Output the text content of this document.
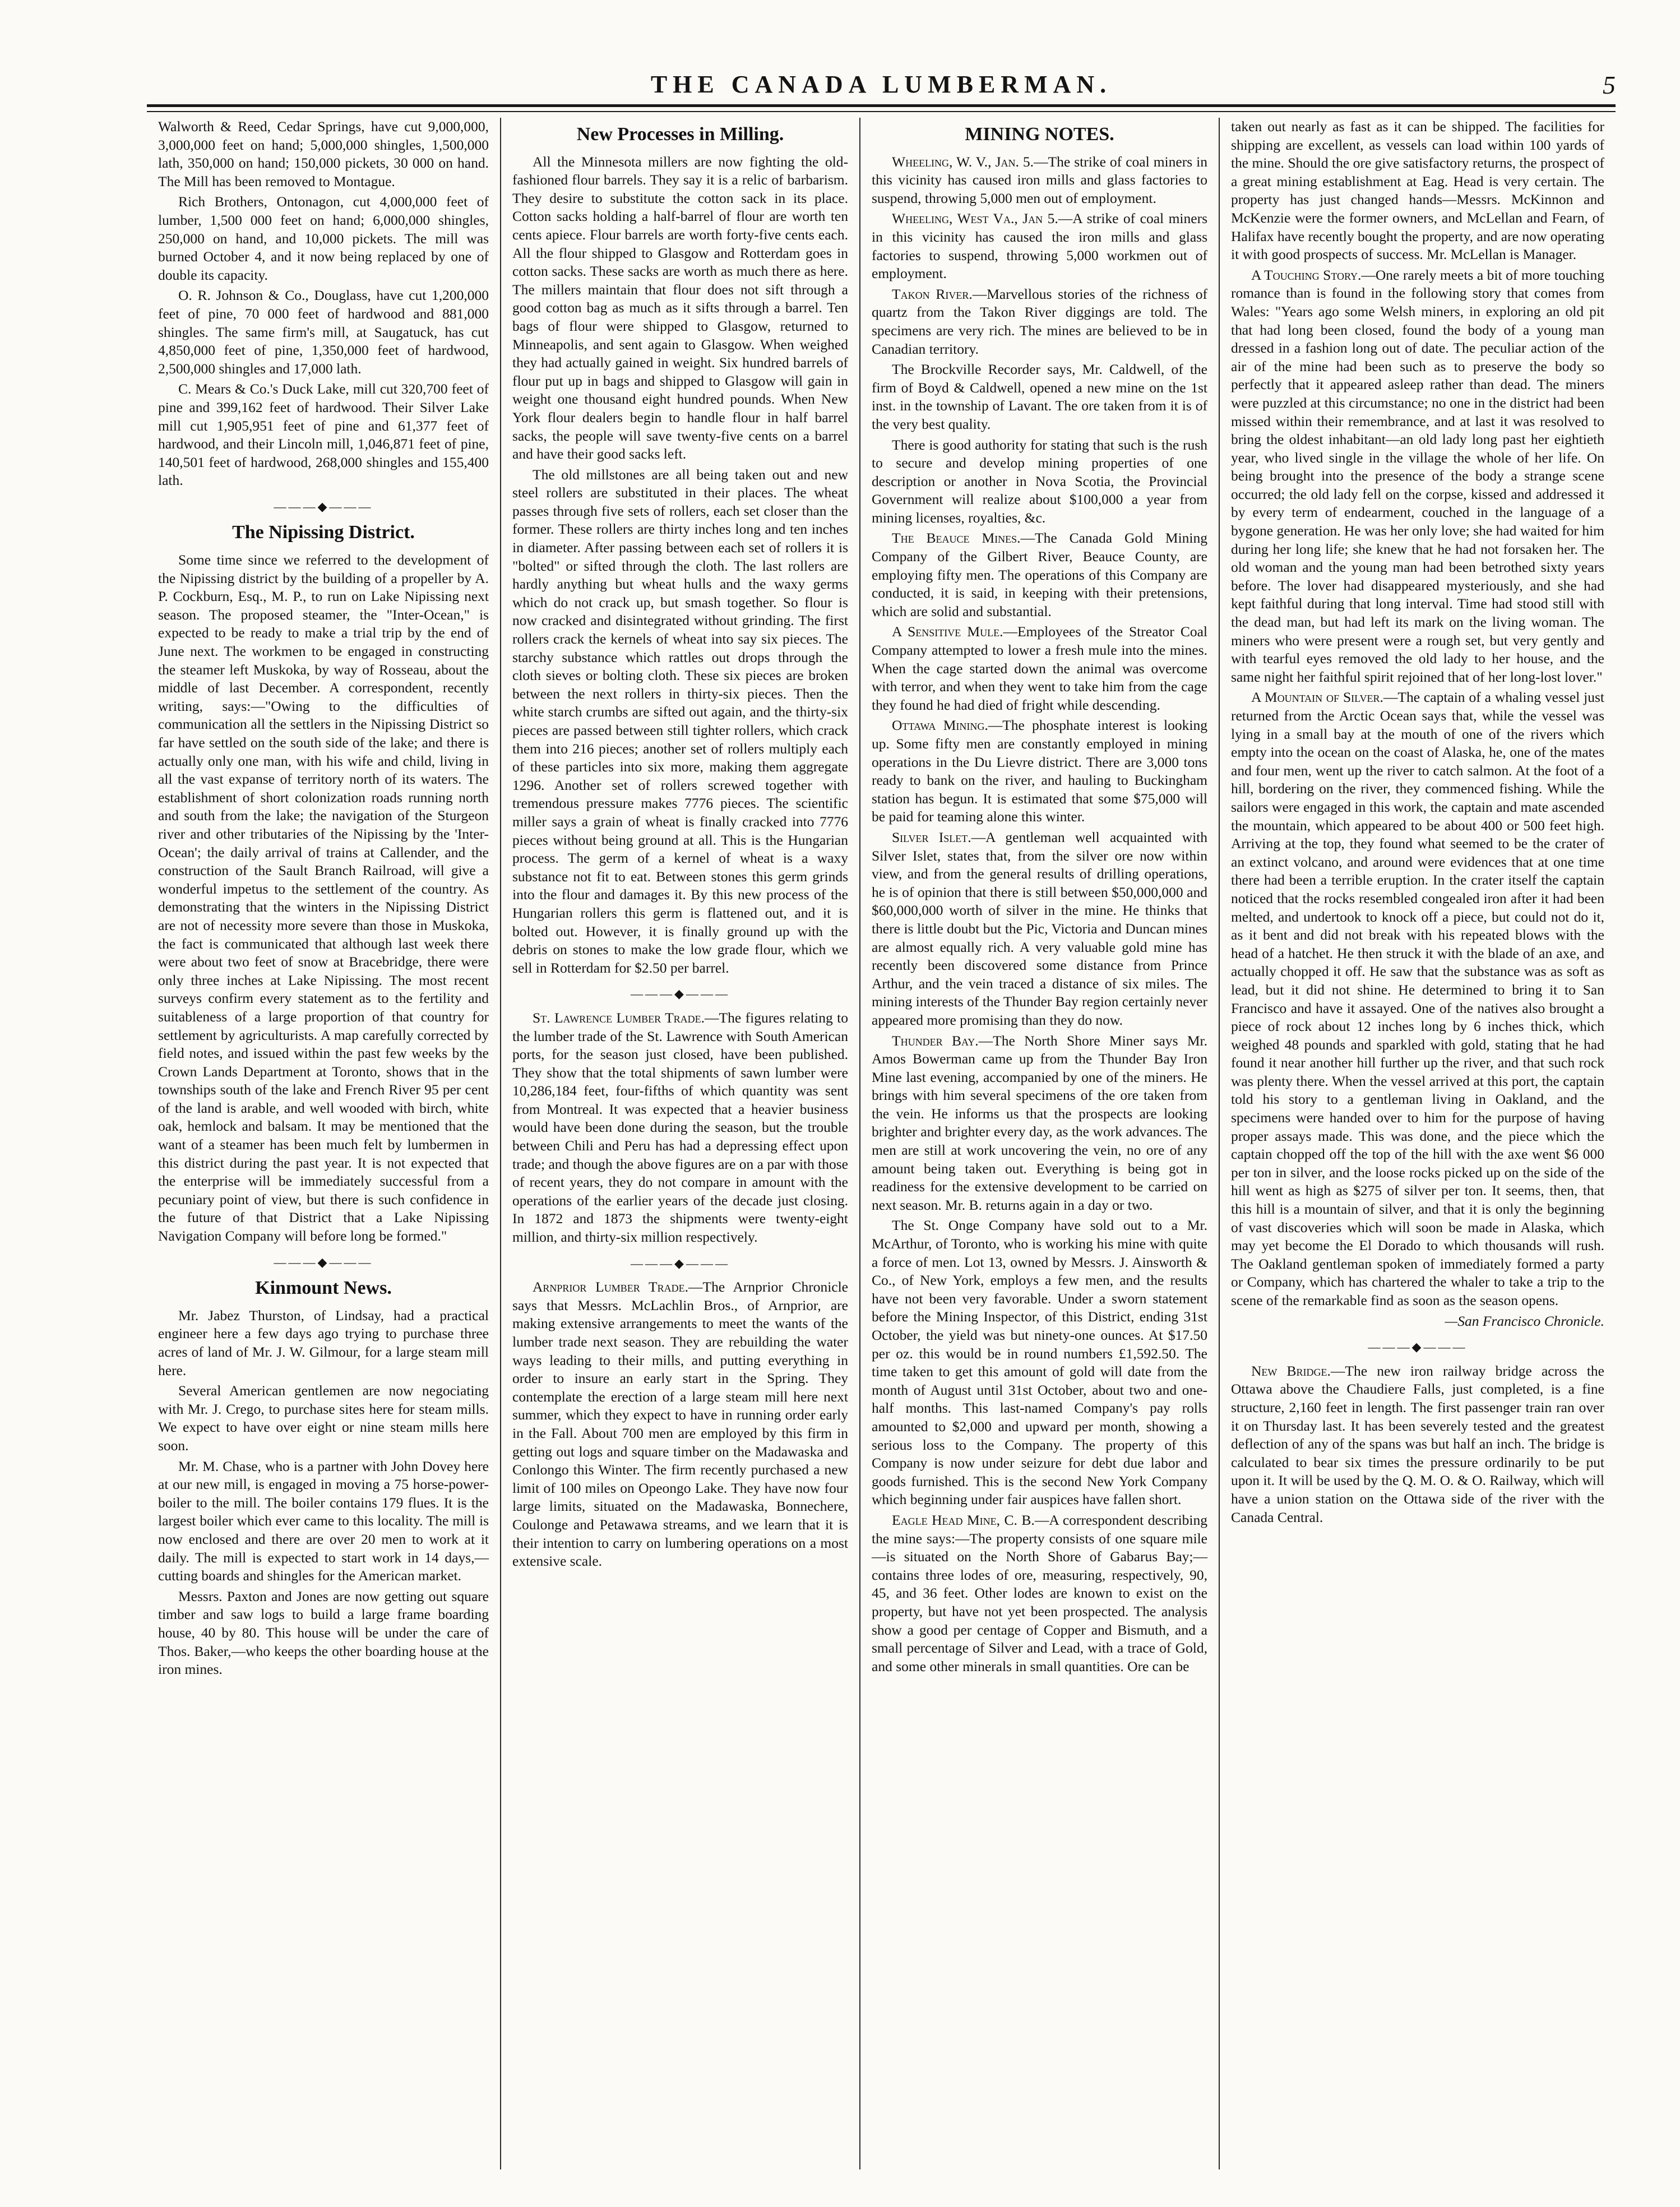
THE CANADA LUMBERMAN.	5

Walworth & Reed, Cedar Springs, have cut 9,000,000, 3,000,000 feet on hand; 5,000,000 shingles, 1,500,000 lath, 350,000 on hand; 150,000 pickets, 30 000 on hand. The Mill has been removed to Montague.

Rich Brothers, Ontonagon, cut 4,000,000 feet of lumber, 1,500 000 feet on hand; 6,000,000 shingles, 250,000 on hand, and 10,000 pickets. The mill was burned October 4, and it now being replaced by one of double its capacity.

O. R. Johnson & Co., Douglass, have cut 1,200,000 feet of pine, 70 000 feet of hardwood and 881,000 shingles. The same firm's mill, at Saugatuck, has cut 4,850,000 feet of pine, 1,350,000 feet of hardwood, 2,500,000 shingles and 17,000 lath.

C. Mears & Co.'s Duck Lake, mill cut 320,700 feet of pine and 399,162 feet of hardwood. Their Silver Lake mill cut 1,905,951 feet of pine and 61,377 feet of hardwood, and their Lincoln mill, 1,046,871 feet of pine, 140,501 feet of hardwood, 268,000 shingles and 155,400 lath.

———◆———
The Nipissing District.

Some time since we referred to the development of the Nipissing district by the building of a propeller by A. P. Cockburn, Esq., M. P., to run on Lake Nipissing next season. The proposed steamer, the "Inter-Ocean," is expected to be ready to make a trial trip by the end of June next. The workmen to be engaged in constructing the steamer left Muskoka, by way of Rosseau, about the middle of last December. A correspondent, recently writing, says:—"Owing to the difficulties of communication all the settlers in the Nipissing District so far have settled on the south side of the lake; and there is actually only one man, with his wife and child, living in all the vast expanse of territory north of its waters. The establishment of short colonization roads running north and south from the lake; the navigation of the Sturgeon river and other tributaries of the Nipissing by the 'Inter-Ocean'; the daily arrival of trains at Callender, and the construction of the Sault Branch Railroad, will give a wonderful impetus to the settlement of the country. As demonstrating that the winters in the Nipissing District are not of necessity more severe than those in Muskoka, the fact is communicated that although last week there were about two feet of snow at Bracebridge, there were only three inches at Lake Nipissing. The most recent surveys confirm every statement as to the fertility and suitableness of a large proportion of that country for settlement by agriculturists. A map carefully corrected by field notes, and issued within the past few weeks by the Crown Lands Department at Toronto, shows that in the townships south of the lake and French River 95 per cent of the land is arable, and well wooded with birch, white oak, hemlock and balsam. It may be mentioned that the want of a steamer has been much felt by lumbermen in this district during the past year. It is not expected that the enterprise will be immediately successful from a pecuniary point of view, but there is such confidence in the future of that District that a Lake Nipissing Navigation Company will before long be formed."

———◆———
Kinmount News.

Mr. Jabez Thurston, of Lindsay, had a practical engineer here a few days ago trying to purchase three acres of land of Mr. J. W. Gilmour, for a large steam mill here.

Several American gentlemen are now negociating with Mr. J. Crego, to purchase sites here for steam mills. We expect to have over eight or nine steam mills here soon.

Mr. M. Chase, who is a partner with John Dovey here at our new mill, is engaged in moving a 75 horse-power-boiler to the mill. The boiler contains 179 flues. It is the largest boiler which ever came to this locality. The mill is now enclosed and there are over 20 men to work at it daily. The mill is expected to start work in 14 days,—cutting boards and shingles for the American market.

Messrs. Paxton and Jones are now getting out square timber and saw logs to build a large frame boarding house, 40 by 80. This house will be under the care of Thos. Baker,—who keeps the other boarding house at the iron mines.

New Processes in Milling.

All the Minnesota millers are now fighting the old-fashioned flour barrels. They say it is a relic of barbarism. They desire to substitute the cotton sack in its place. Cotton sacks holding a half-barrel of flour are worth ten cents apiece. Flour barrels are worth forty-five cents each. All the flour shipped to Glasgow and Rotterdam goes in cotton sacks. These sacks are worth as much there as here. The millers maintain that flour does not sift through a good cotton bag as much as it sifts through a barrel. Ten bags of flour were shipped to Glasgow, returned to Minneapolis, and sent again to Glasgow. When weighed they had actually gained in weight. Six hundred barrels of flour put up in bags and shipped to Glasgow will gain in weight one thousand eight hundred pounds. When New York flour dealers begin to handle flour in half barrel sacks, the people will save twenty-five cents on a barrel and have their good sacks left.

The old millstones are all being taken out and new steel rollers are substituted in their places. The wheat passes through five sets of rollers, each set closer than the former. These rollers are thirty inches long and ten inches in diameter. After passing between each set of rollers it is "bolted" or sifted through the cloth. The last rollers are hardly anything but wheat hulls and the waxy germs which do not crack up, but smash together. So flour is now cracked and disintegrated without grinding. The first rollers crack the kernels of wheat into say six pieces. The starchy substance which rattles out drops through the cloth sieves or bolting cloth. These six pieces are broken between the next rollers in thirty-six pieces. Then the white starch crumbs are sifted out again, and the thirty-six pieces are passed between still tighter rollers, which crack them into 216 pieces; another set of rollers multiply each of these particles into six more, making them aggregate 1296. Another set of rollers screwed together with tremendous pressure makes 7776 pieces. The scientific miller says a grain of wheat is finally cracked into 7776 pieces without being ground at all. This is the Hungarian process. The germ of a kernel of wheat is a waxy substance not fit to eat. Between stones this germ grinds into the flour and damages it. By this new process of the Hungarian rollers this germ is flattened out, and it is bolted out. However, it is finally ground up with the debris on stones to make the low grade flour, which we sell in Rotterdam for $2.50 per barrel.

———◆———

St. Lawrence Lumber Trade.—The figures relating to the lumber trade of the St. Lawrence with South American ports, for the season just closed, have been published. They show that the total shipments of sawn lumber were 10,286,184 feet, four-fifths of which quantity was sent from Montreal. It was expected that a heavier business would have been done during the season, but the trouble between Chili and Peru has had a depressing effect upon trade; and though the above figures are on a par with those of recent years, they do not compare in amount with the operations of the earlier years of the decade just closing. In 1872 and 1873 the shipments were twenty-eight million, and thirty-six million respectively.

———◆———

Arnprior Lumber Trade.—The Arnprior Chronicle says that Messrs. McLachlin Bros., of Arnprior, are making extensive arrangements to meet the wants of the lumber trade next season. They are rebuilding the water ways leading to their mills, and putting everything in order to insure an early start in the Spring. They contemplate the erection of a large steam mill here next summer, which they expect to have in running order early in the Fall. About 700 men are employed by this firm in getting out logs and square timber on the Madawaska and Conlongo this Winter. The firm recently purchased a new limit of 100 miles on Opeongo Lake. They have now four large limits, situated on the Madawaska, Bonnechere, Coulonge and Petawawa streams, and we learn that it is their intention to carry on lumbering operations on a most extensive scale.

MINING NOTES.

Wheeling, W. V., Jan. 5.—The strike of coal miners in this vicinity has caused iron mills and glass factories to suspend, throwing 5,000 men out of employment.

Wheeling, West Va., Jan 5.—A strike of coal miners in this vicinity has caused the iron mills and glass factories to suspend, throwing 5,000 workmen out of employment.

Takon River.—Marvellous stories of the richness of quartz from the Takon River diggings are told. The specimens are very rich. The mines are believed to be in Canadian territory.

The Brockville Recorder says, Mr. Caldwell, of the firm of Boyd & Caldwell, opened a new mine on the 1st inst. in the township of Lavant. The ore taken from it is of the very best quality.

There is good authority for stating that such is the rush to secure and develop mining properties of one description or another in Nova Scotia, the Provincial Government will realize about $100,000 a year from mining licenses, royalties, &c.

The Beauce Mines.—The Canada Gold Mining Company of the Gilbert River, Beauce County, are employing fifty men. The operations of this Company are conducted, it is said, in keeping with their pretensions, which are solid and substantial.

A Sensitive Mule.—Employees of the Streator Coal Company attempted to lower a fresh mule into the mines. When the cage started down the animal was overcome with terror, and when they went to take him from the cage they found he had died of fright while descending.

Ottawa Mining.—The phosphate interest is looking up. Some fifty men are constantly employed in mining operations in the Du Lievre district. There are 3,000 tons ready to bank on the river, and hauling to Buckingham station has begun. It is estimated that some $75,000 will be paid for teaming alone this winter.

Silver Islet.—A gentleman well acquainted with Silver Islet, states that, from the silver ore now within view, and from the general results of drilling operations, he is of opinion that there is still between $50,000,000 and $60,000,000 worth of silver in the mine. He thinks that there is little doubt but the Pic, Victoria and Duncan mines are almost equally rich. A very valuable gold mine has recently been discovered some distance from Prince Arthur, and the vein traced a distance of six miles. The mining interests of the Thunder Bay region certainly never appeared more promising than they do now.

Thunder Bay.—The North Shore Miner says Mr. Amos Bowerman came up from the Thunder Bay Iron Mine last evening, accompanied by one of the miners. He brings with him several specimens of the ore taken from the vein. He informs us that the prospects are looking brighter and brighter every day, as the work advances. The men are still at work uncovering the vein, no ore of any amount being taken out. Everything is being got in readiness for the extensive development to be carried on next season. Mr. B. returns again in a day or two.

The St. Onge Company have sold out to a Mr. McArthur, of Toronto, who is working his mine with quite a force of men. Lot 13, owned by Messrs. J. Ainsworth & Co., of New York, employs a few men, and the results have not been very favorable. Under a sworn statement before the Mining Inspector, of this District, ending 31st October, the yield was but ninety-one ounces. At $17.50 per oz. this would be in round numbers £1,592.50. The time taken to get this amount of gold will date from the month of August until 31st October, about two and one-half months. This last-named Company's pay rolls amounted to $2,000 and upward per month, showing a serious loss to the Company. The property of this Company is now under seizure for debt due labor and goods furnished. This is the second New York Company which beginning under fair auspices have fallen short.

Eagle Head Mine, C. B.—A correspondent describing the mine says:—The property consists of one square mile—is situated on the North Shore of Gabarus Bay;—contains three lodes of ore, measuring, respectively, 90, 45, and 36 feet. Other lodes are known to exist on the property, but have not yet been prospected. The analysis show a good per centage of Copper and Bismuth, and a small percentage of Silver and Lead, with a trace of Gold, and some other minerals in small quantities. Ore can be

taken out nearly as fast as it can be shipped. The facilities for shipping are excellent, as vessels can load within 100 yards of the mine. Should the ore give satisfactory returns, the prospect of a great mining establishment at Eag. Head is very certain. The property has just changed hands—Messrs. McKinnon and McKenzie were the former owners, and McLellan and Fearn, of Halifax have recently bought the property, and are now operating it with good prospects of success. Mr. McLellan is Manager.

A Touching Story.—One rarely meets a bit of more touching romance than is found in the following story that comes from Wales: "Years ago some Welsh miners, in exploring an old pit that had long been closed, found the body of a young man dressed in a fashion long out of date. The peculiar action of the air of the mine had been such as to preserve the body so perfectly that it appeared asleep rather than dead. The miners were puzzled at this circumstance; no one in the district had been missed within their remembrance, and at last it was resolved to bring the oldest inhabitant—an old lady long past her eightieth year, who lived single in the village the whole of her life. On being brought into the presence of the body a strange scene occurred; the old lady fell on the corpse, kissed and addressed it by every term of endearment, couched in the language of a bygone generation. He was her only love; she had waited for him during her long life; she knew that he had not forsaken her. The old woman and the young man had been betrothed sixty years before. The lover had disappeared mysteriously, and she had kept faithful during that long interval. Time had stood still with the dead man, but had left its mark on the living woman. The miners who were present were a rough set, but very gently and with tearful eyes removed the old lady to her house, and the same night her faithful spirit rejoined that of her long-lost lover."

A Mountain of Silver.—The captain of a whaling vessel just returned from the Arctic Ocean says that, while the vessel was lying in a small bay at the mouth of one of the rivers which empty into the ocean on the coast of Alaska, he, one of the mates and four men, went up the river to catch salmon. At the foot of a hill, bordering on the river, they commenced fishing. While the sailors were engaged in this work, the captain and mate ascended the mountain, which appeared to be about 400 or 500 feet high. Arriving at the top, they found what seemed to be the crater of an extinct volcano, and around were evidences that at one time there had been a terrible eruption. In the crater itself the captain noticed that the rocks resembled congealed iron after it had been melted, and undertook to knock off a piece, but could not do it, as it bent and did not break with his repeated blows with the head of a hatchet. He then struck it with the blade of an axe, and actually chopped it off. He saw that the substance was as soft as lead, but it did not shine. He determined to bring it to San Francisco and have it assayed. One of the natives also brought a piece of rock about 12 inches long by 6 inches thick, which weighed 48 pounds and sparkled with gold, stating that he had found it near another hill further up the river, and that such rock was plenty there. When the vessel arrived at this port, the captain told his story to a gentleman living in Oakland, and the specimens were handed over to him for the purpose of having proper assays made. This was done, and the piece which the captain chopped off the top of the hill with the axe went $6 000 per ton in silver, and the loose rocks picked up on the side of the hill went as high as $275 of silver per ton. It seems, then, that this hill is a mountain of silver, and that it is only the beginning of vast discoveries which will soon be made in Alaska, which may yet become the El Dorado to which thousands will rush. The Oakland gentleman spoken of immediately formed a party or Company, which has chartered the whaler to take a trip to the scene of the remarkable find as soon as the season opens.

—San Francisco Chronicle.

———◆———

New Bridge.—The new iron railway bridge across the Ottawa above the Chaudiere Falls, just completed, is a fine structure, 2,160 feet in length. The first passenger train ran over it on Thursday last. It has been severely tested and the greatest deflection of any of the spans was but half an inch. The bridge is calculated to bear six times the pressure ordinarily to be put upon it. It will be used by the Q. M. O. & O. Railway, which will have a union station on the Ottawa side of the river with the Canada Central.
